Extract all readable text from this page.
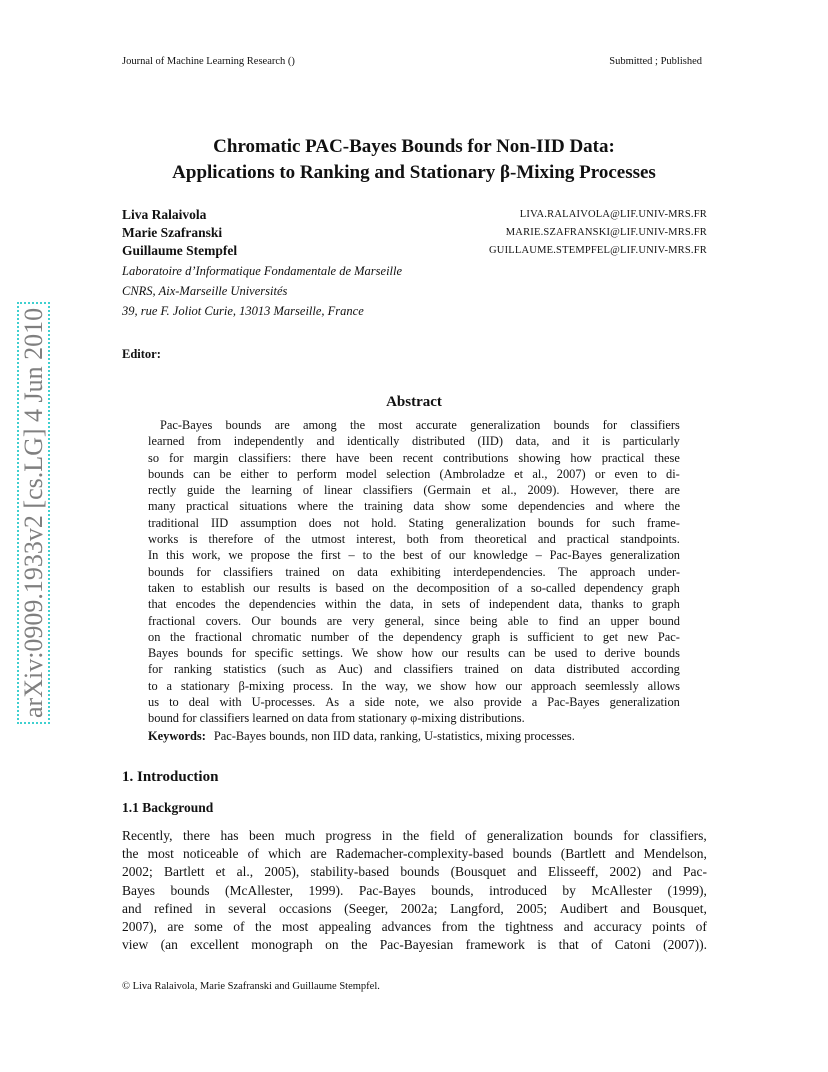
Journal of Machine Learning Research ()	Submitted ; Published
arXiv:0909.1933v2 [cs.LG] 4 Jun 2010
Chromatic PAC-Bayes Bounds for Non-IID Data:
Applications to Ranking and Stationary β-Mixing Processes
Liva Ralaivola	LIVA.RALAIVOLA@LIF.UNIV-MRS.FR
Marie Szafranski	MARIE.SZAFRANSKI@LIF.UNIV-MRS.FR
Guillaume Stempfel	GUILLAUME.STEMPFEL@LIF.UNIV-MRS.FR
Laboratoire d’Informatique Fondamentale de Marseille
CNRS, Aix-Marseille Universités
39, rue F. Joliot Curie, 13013 Marseille, France
Editor:
Abstract
Pac-Bayes bounds are among the most accurate generalization bounds for classifiers
learned from independently and identically distributed (IID) data, and it is particularly
so for margin classifiers: there have been recent contributions showing how practical these
bounds can be either to perform model selection (Ambroladze et al., 2007) or even to di-
rectly guide the learning of linear classifiers (Germain et al., 2009). However, there are
many practical situations where the training data show some dependencies and where the
traditional IID assumption does not hold. Stating generalization bounds for such frame-
works is therefore of the utmost interest, both from theoretical and practical standpoints.
In this work, we propose the first – to the best of our knowledge – Pac-Bayes generalization
bounds for classifiers trained on data exhibiting interdependencies. The approach under-
taken to establish our results is based on the decomposition of a so-called dependency graph
that encodes the dependencies within the data, in sets of independent data, thanks to graph
fractional covers. Our bounds are very general, since being able to find an upper bound
on the fractional chromatic number of the dependency graph is sufficient to get new Pac-
Bayes bounds for specific settings. We show how our results can be used to derive bounds
for ranking statistics (such as Auc) and classifiers trained on data distributed according
to a stationary β-mixing process. In the way, we show how our approach seemlessly allows
us to deal with U-processes. As a side note, we also provide a Pac-Bayes generalization
bound for classifiers learned on data from stationary φ-mixing distributions.
Keywords: Pac-Bayes bounds, non IID data, ranking, U-statistics, mixing processes.
1. Introduction
1.1 Background
Recently, there has been much progress in the field of generalization bounds for classifiers,
the most noticeable of which are Rademacher-complexity-based bounds (Bartlett and Mendelson,
2002; Bartlett et al., 2005), stability-based bounds (Bousquet and Elisseeff, 2002) and Pac-
Bayes bounds (McAllester, 1999). Pac-Bayes bounds, introduced by McAllester (1999),
and refined in several occasions (Seeger, 2002a; Langford, 2005; Audibert and Bousquet,
2007), are some of the most appealing advances from the tightness and accuracy points of
view (an excellent monograph on the Pac-Bayesian framework is that of Catoni (2007)).
© Liva Ralaivola, Marie Szafranski and Guillaume Stempfel.
